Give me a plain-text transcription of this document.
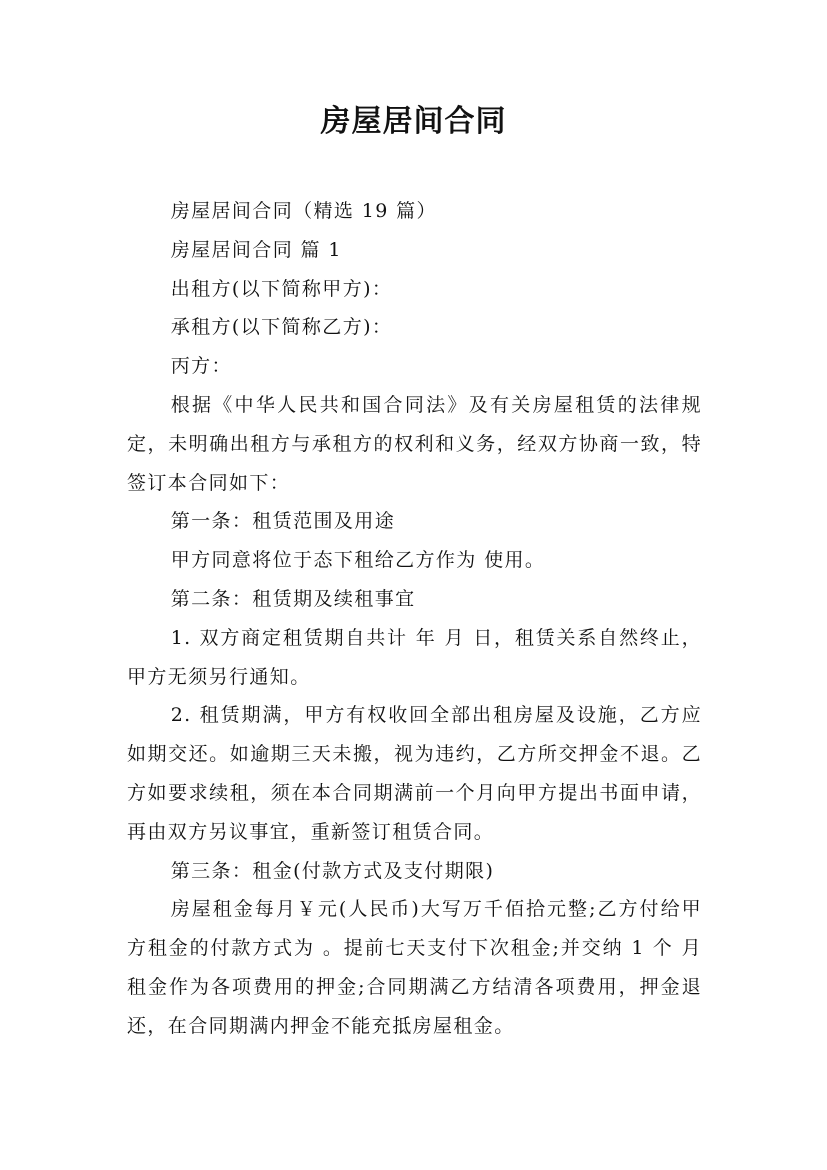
房屋居间合同

房屋居间合同（精选 19 篇）

房屋居间合同 篇 1

出租方(以下简称甲方)：

承租方(以下简称乙方)：

丙方：

根据《中华人民共和国合同法》及有关房屋租赁的法律规定，未明确出租方与承租方的权利和义务，经双方协商一致，特签订本合同如下：

第一条：租赁范围及用途

甲方同意将位于态下租给乙方作为 使用。

第二条：租赁期及续租事宜

1. 双方商定租赁期自共计 年 月 日，租赁关系自然终止，甲方无须另行通知。

2. 租赁期满，甲方有权收回全部出租房屋及设施，乙方应如期交还。如逾期三天未搬，视为违约，乙方所交押金不退。乙方如要求续租，须在本合同期满前一个月向甲方提出书面申请，再由双方另议事宜，重新签订租赁合同。

第三条：租金(付款方式及支付期限)

房屋租金每月￥元(人民币)大写万千佰拾元整;乙方付给甲方租金的付款方式为 。提前七天支付下次租金;并交纳 1 个 月租金作为各项费用的押金;合同期满乙方结清各项费用，押金退还，在合同期满内押金不能充抵房屋租金。
